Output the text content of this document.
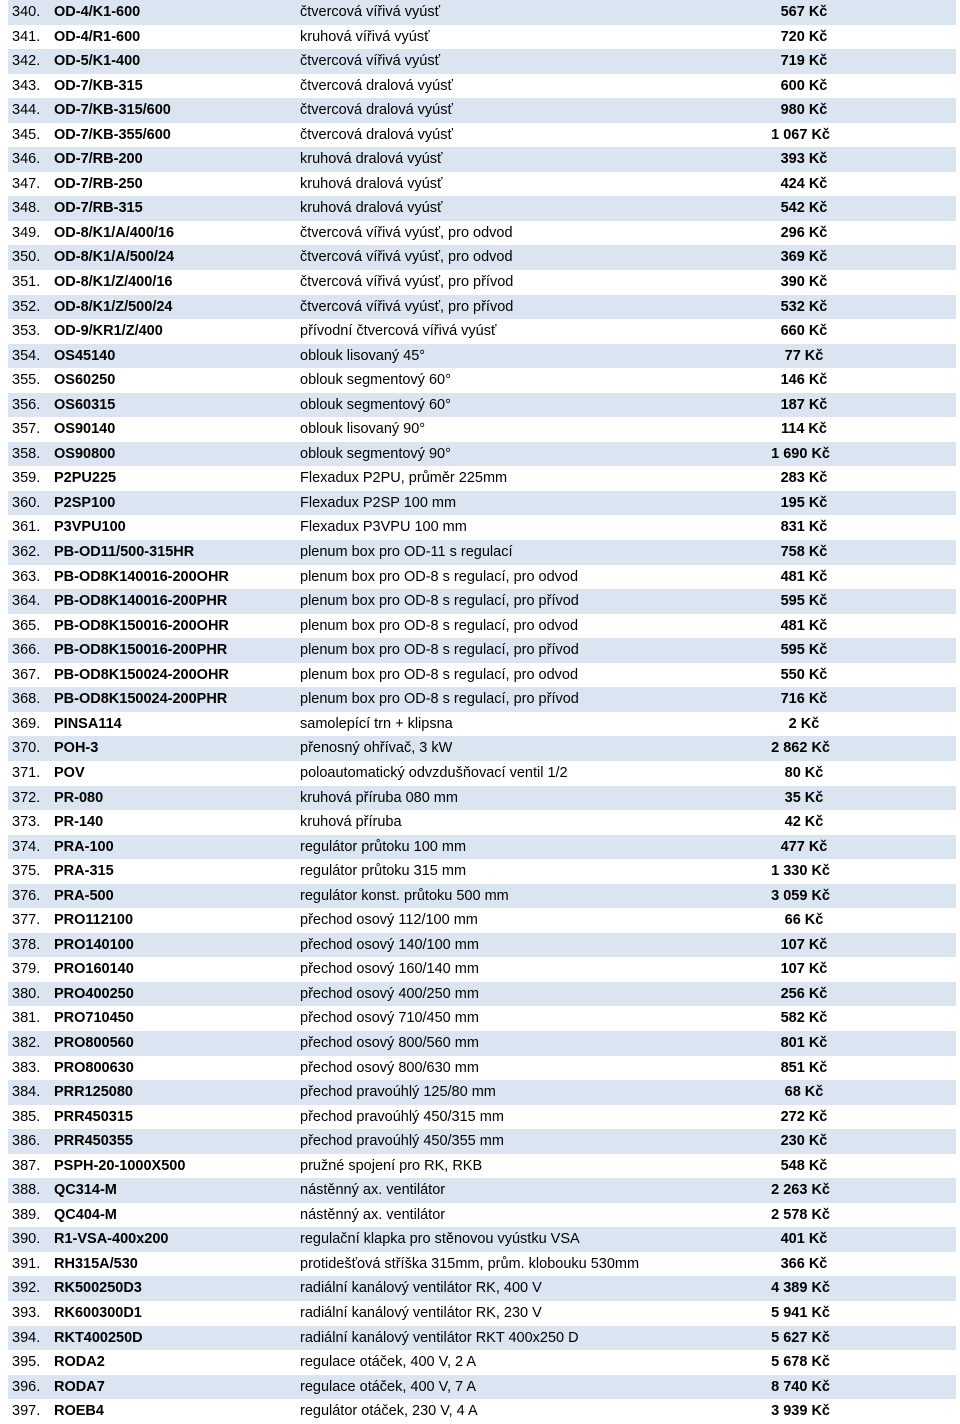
340.	OD-4/K1-600	čtvercová vířivá vyúsť	567 Kč	
341.	OD-4/R1-600	kruhová vířivá vyúsť	720 Kč	
342.	OD-5/K1-400	čtvercová vířivá vyúsť	719 Kč	
343.	OD-7/KB-315	čtvercová dralová vyúsť	600 Kč	
344.	OD-7/KB-315/600	čtvercová dralová vyúsť	980 Kč	
345.	OD-7/KB-355/600	čtvercová dralová vyúsť	1 067 Kč	
346.	OD-7/RB-200	kruhová dralová vyúsť	393 Kč	
347.	OD-7/RB-250	kruhová dralová vyúsť	424 Kč	
348.	OD-7/RB-315	kruhová dralová vyúsť	542 Kč	
349.	OD-8/K1/A/400/16	čtvercová vířivá vyúsť, pro odvod	296 Kč	
350.	OD-8/K1/A/500/24	čtvercová vířivá vyúsť, pro odvod	369 Kč	
351.	OD-8/K1/Z/400/16	čtvercová vířivá vyúsť, pro přívod	390 Kč	
352.	OD-8/K1/Z/500/24	čtvercová vířivá vyúsť, pro přívod	532 Kč	
353.	OD-9/KR1/Z/400	přívodní čtvercová vířivá vyúsť	660 Kč	
354.	OS45140	oblouk lisovaný 45°	77 Kč	
355.	OS60250	oblouk segmentový 60°	146 Kč	
356.	OS60315	oblouk segmentový 60°	187 Kč	
357.	OS90140	oblouk lisovaný 90°	114 Kč	
358.	OS90800	oblouk segmentový 90°	1 690 Kč	
359.	P2PU225	Flexadux P2PU, průměr 225mm	283 Kč	
360.	P2SP100	Flexadux P2SP 100 mm	195 Kč	
361.	P3VPU100	Flexadux P3VPU 100 mm	831 Kč	
362.	PB-OD11/500-315HR	plenum box pro OD-11 s regulací	758 Kč	
363.	PB-OD8K140016-200OHR	plenum box pro OD-8 s regulací, pro odvod	481 Kč	
364.	PB-OD8K140016-200PHR	plenum box pro OD-8 s regulací, pro přívod	595 Kč	
365.	PB-OD8K150016-200OHR	plenum box pro OD-8 s regulací, pro odvod	481 Kč	
366.	PB-OD8K150016-200PHR	plenum box pro OD-8 s regulací, pro přívod	595 Kč	
367.	PB-OD8K150024-200OHR	plenum box pro OD-8 s regulací, pro odvod	550 Kč	
368.	PB-OD8K150024-200PHR	plenum box pro OD-8 s regulací, pro přívod	716 Kč	
369.	PINSA114	samolepící trn + klipsna	2 Kč	
370.	POH-3	přenosný ohřívač, 3 kW	2 862 Kč	
371.	POV	poloautomatický odvzdušňovací ventil 1/2	80 Kč	
372.	PR-080	kruhová příruba 080 mm	35 Kč	
373.	PR-140	kruhová příruba	42 Kč	
374.	PRA-100	regulátor průtoku 100 mm	477 Kč	
375.	PRA-315	regulátor průtoku 315 mm	1 330 Kč	
376.	PRA-500	regulátor konst. průtoku 500 mm	3 059 Kč	
377.	PRO112100	přechod osový 112/100 mm	66 Kč	
378.	PRO140100	přechod osový 140/100 mm	107 Kč	
379.	PRO160140	přechod osový 160/140 mm	107 Kč	
380.	PRO400250	přechod osový 400/250 mm	256 Kč	
381.	PRO710450	přechod osový 710/450 mm	582 Kč	
382.	PRO800560	přechod osový 800/560 mm	801 Kč	
383.	PRO800630	přechod osový 800/630 mm	851 Kč	
384.	PRR125080	přechod pravoúhlý 125/80 mm	68 Kč	
385.	PRR450315	přechod pravoúhlý 450/315 mm	272 Kč	
386.	PRR450355	přechod pravoúhlý 450/355 mm	230 Kč	
387.	PSPH-20-1000X500	pružné spojení pro RK, RKB	548 Kč	
388.	QC314-M	nástěnný ax. ventilátor	2 263 Kč	
389.	QC404-M	nástěnný ax. ventilátor	2 578 Kč	
390.	R1-VSA-400x200	regulační klapka pro stěnovou vyústku VSA	401 Kč	
391.	RH315A/530	protidešťová stříška 315mm, prům. klobouku 530mm	366 Kč	
392.	RK500250D3	radiální kanálový ventilátor RK, 400 V	4 389 Kč	
393.	RK600300D1	radiální kanálový ventilátor RK, 230 V	5 941 Kč	
394.	RKT400250D	radiální kanálový ventilátor RKT 400x250 D	5 627 Kč	
395.	RODA2	regulace otáček, 400 V, 2 A	5 678 Kč	
396.	RODA7	regulace otáček, 400 V, 7 A	8 740 Kč	
397.	ROEB4	regulátor otáček, 230 V, 4 A	3 939 Kč	
